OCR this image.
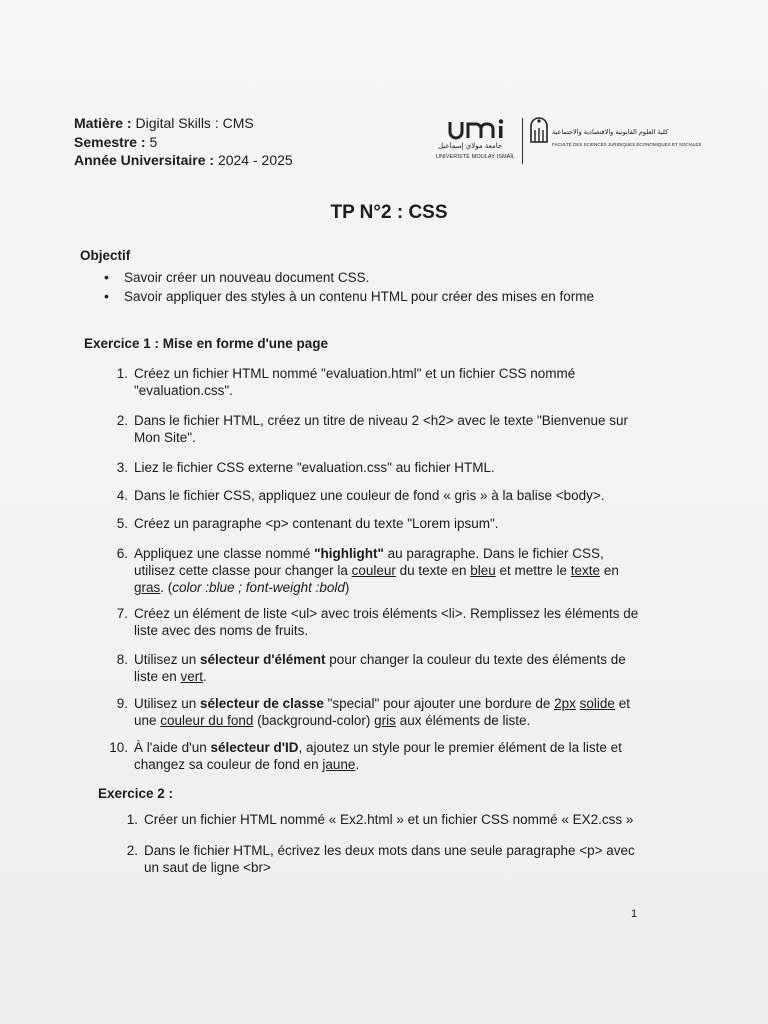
Matière : Digital Skills : CMS
Semestre : 5
Année Universitaire : 2024 - 2025
جامعة مولاي إسماعيل
UNIVERSITÉ MOULAY ISMAÏL
كلية العلوم القانونية والاقتصادية والاجتماعية
FACULTÉ DES SCIENCES JURIDIQUES ÉCONOMIQUES ET SOCIALES
TP N°2 : CSS
Objectif
•	Savoir créer un nouveau document CSS.
•	Savoir appliquer des styles à un contenu HTML pour créer des mises en forme
Exercice 1 : Mise en forme d'une page
1. Créez un fichier HTML nommé "evaluation.html" et un fichier CSS nommé "evaluation.css".
2. Dans le fichier HTML, créez un titre de niveau 2 <h2> avec le texte "Bienvenue sur Mon Site".
3. Liez le fichier CSS externe "evaluation.css" au fichier HTML.
4. Dans le fichier CSS, appliquez une couleur de fond « gris » à la balise <body>.
5. Créez un paragraphe <p> contenant du texte "Lorem ipsum".
6. Appliquez une classe nommé "highlight" au paragraphe. Dans le fichier CSS, utilisez cette classe pour changer la couleur du texte en bleu et mettre le texte en gras. (color :blue ; font-weight :bold)
7. Créez un élément de liste <ul> avec trois éléments <li>. Remplissez les éléments de liste avec des noms de fruits.
8. Utilisez un sélecteur d'élément pour changer la couleur du texte des éléments de liste en vert.
9. Utilisez un sélecteur de classe "special" pour ajouter une bordure de 2px solide et une couleur du fond (background-color) gris aux éléments de liste.
10. À l'aide d'un sélecteur d'ID, ajoutez un style pour le premier élément de la liste et changez sa couleur de fond en jaune.
Exercice 2 :
1. Créer un fichier HTML nommé « Ex2.html » et un fichier CSS nommé « EX2.css »
2. Dans le fichier HTML, écrivez les deux mots dans une seule paragraphe <p> avec un saut de ligne <br>
1
